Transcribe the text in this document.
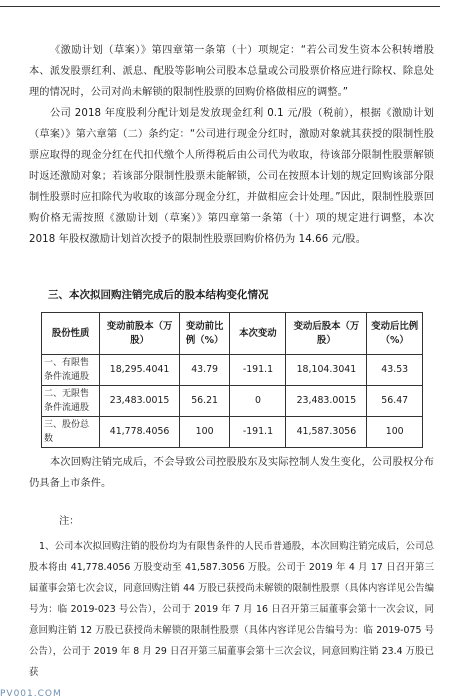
《激励计划（草案）》第四章第一条第（十）项规定：“若公司发生资本公积转增股本、派发股票红利、派息、配股等影响公司股本总量或公司股票价格应进行除权、除息处理的情况时，公司对尚未解锁的限制性股票的回购价格做相应的调整。”

公司 2018 年度股利分配计划是发放现金红利 0.1 元/股（税前），根据《激励计划（草案）》第六章第（二）条约定：“公司进行现金分红时，激励对象就其获授的限制性股票应取得的现金分红在代扣代缴个人所得税后由公司代为收取，待该部分限制性股票解锁时返还激励对象；若该部分限制性股票未能解锁，公司在按照本计划的规定回购该部分限制性股票时应扣除代为收取的该部分现金分红，并做相应会计处理。”因此，限制性股票回购价格无需按照《激励计划（草案）》第四章第一条第（十）项的规定进行调整，本次 2018 年股权激励计划首次授予的限制性股票回购价格仍为 14.66 元/股。

三、本次拟回购注销完成后的股本结构变化情况
股份性质	变动前股本（万股）	变动前比例（%）	本次变动	变动后股本（万股）	变动后比例（%）
一、有限售条件流通股	18,295.4041	43.79	-191.1	18,104.3041	43.53
二、无限售条件流通股	23,483.0015	56.21	0	23,483.0015	56.47
三、股份总数	41,778.4056	100	-191.1	41,587.3056	100

本次回购注销完成后，不会导致公司控股股东及实际控制人发生变化，公司股权分布仍具备上市条件。

注：

1、公司本次拟回购注销的股份均为有限售条件的人民币普通股，本次回购注销完成后，公司总股本将由 41,778.4056 万股变动至 41,587.3056 万股。公司于 2019 年 4 月 17 日召开第三届董事会第七次会议，同意回购注销 44 万股已获授尚未解锁的限制性股票（具体内容详见公告编号为：临 2019-023 号公告），公司于 2019 年 7 月 16 日召开第三届董事会第十一次会议，同意回购注销 12 万股已获授尚未解锁的限制性股票（具体内容详见公告编号为：临 2019-075 号公告），公司于 2019 年 8 月 29 日召开第三届董事会第十三次会议，同意回购注销 23.4 万股已获

PV001.COM
